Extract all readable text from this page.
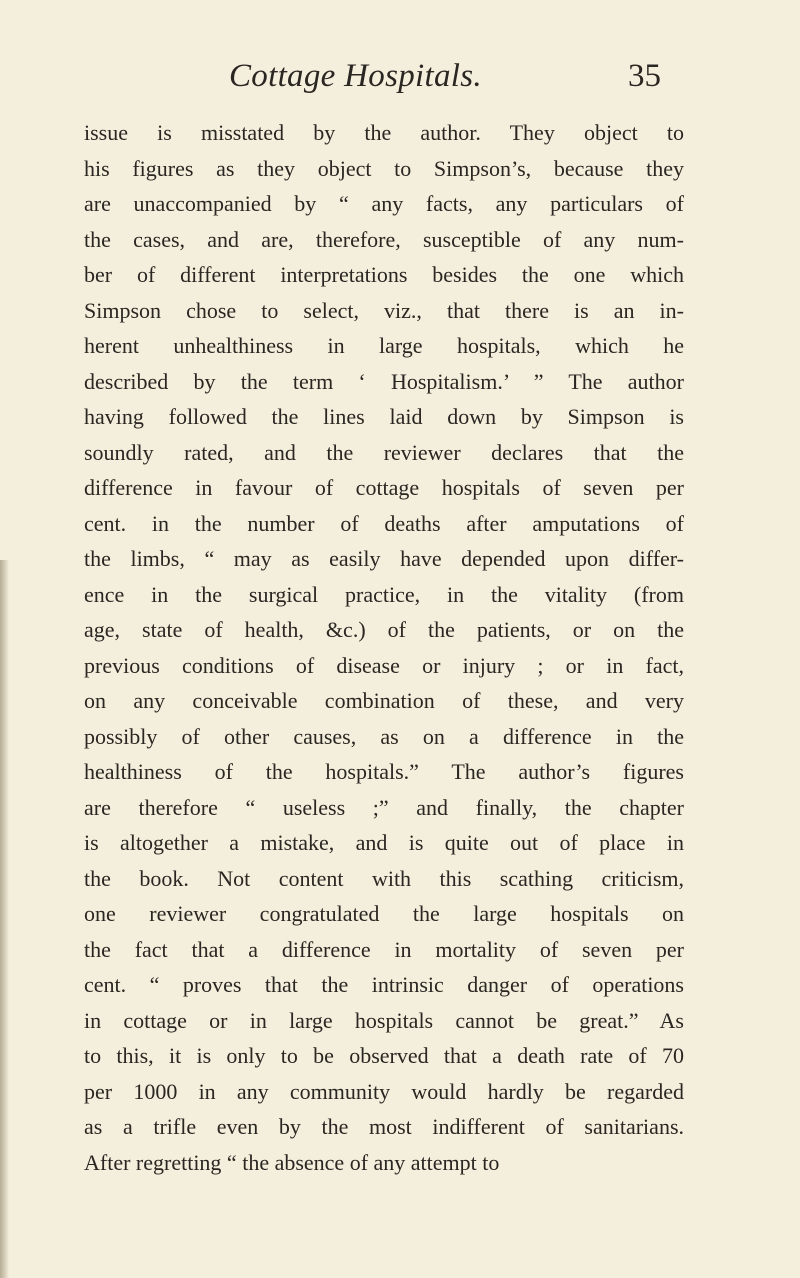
Cottage Hospitals.	35
issue is misstated by the author. They object to
his figures as they object to Simpson’s, because they
are unaccompanied by “ any facts, any particulars of
the cases, and are, therefore, susceptible of any num-
ber of different interpretations besides the one which
Simpson chose to select, viz., that there is an in-
herent unhealthiness in large hospitals, which he
described by the term ‘ Hospitalism.’ ” The author
having followed the lines laid down by Simpson is
soundly rated, and the reviewer declares that the
difference in favour of cottage hospitals of seven per
cent. in the number of deaths after amputations of
the limbs, “ may as easily have depended upon differ-
ence in the surgical practice, in the vitality (from
age, state of health, &c.) of the patients, or on the
previous conditions of disease or injury ; or in fact,
on any conceivable combination of these, and very
possibly of other causes, as on a difference in the
healthiness of the hospitals.” The author’s figures
are therefore “ useless ;” and finally, the chapter
is altogether a mistake, and is quite out of place in
the book. Not content with this scathing criticism,
one reviewer congratulated the large hospitals on
the fact that a difference in mortality of seven per
cent. “ proves that the intrinsic danger of operations
in cottage or in large hospitals cannot be great.” As
to this, it is only to be observed that a death rate of 70
per 1000 in any community would hardly be regarded
as a trifle even by the most indifferent of sanitarians.
After regretting “ the absence of any attempt to
